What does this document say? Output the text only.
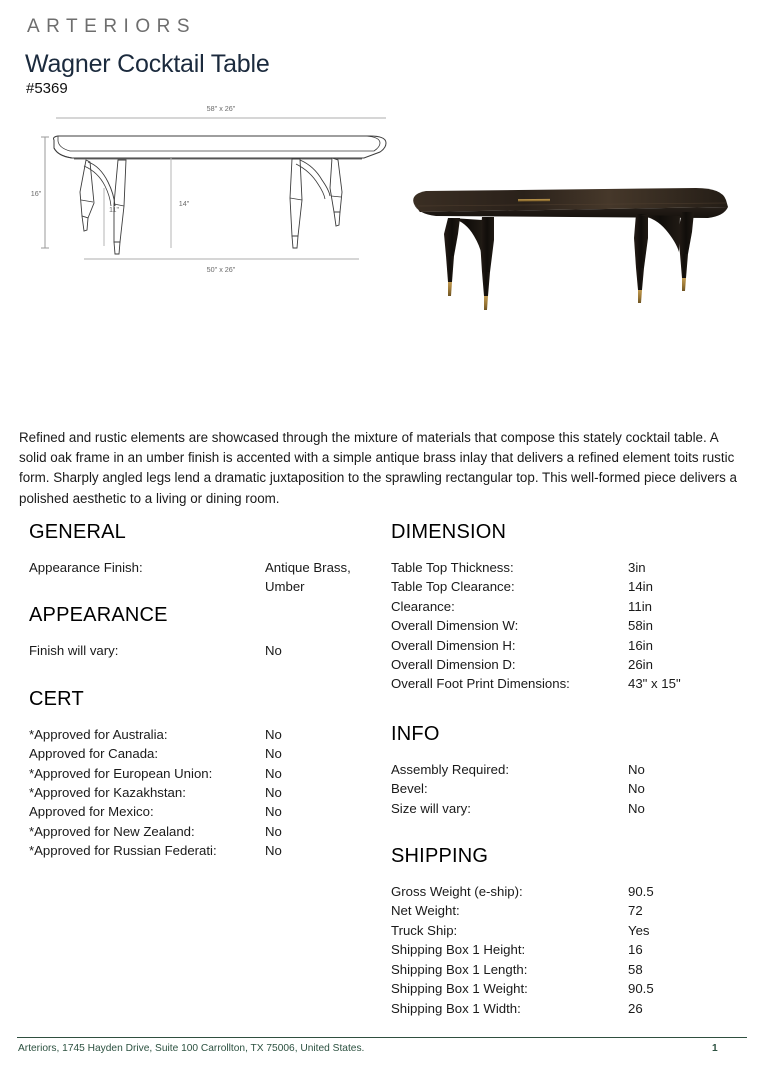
ARTERIORS
Wagner Cocktail Table
#5369
58" x 26"
16"
11"
14"
50" x 26"
Refined and rustic elements are showcased through the mixture of materials that compose this stately cocktail table. A solid oak frame in an umber finish is accented with a simple antique brass inlay that delivers a refined element toits rustic form. Sharply angled legs lend a dramatic juxtaposition to the sprawling rectangular top. This well-formed piece delivers a polished aesthetic to a living or dining room.
GENERAL
Appearance Finish:	Antique Brass, Umber
APPEARANCE
Finish will vary:	No
CERT
*Approved for Australia:	No
Approved for Canada:	No
*Approved for European Union:	No
*Approved for Kazakhstan:	No
Approved for Mexico:	No
*Approved for New Zealand:	No
*Approved for Russian Federati:	No
DIMENSION
Table Top Thickness:	3in
Table Top Clearance:	14in
Clearance:	11in
Overall Dimension W:	58in
Overall Dimension H:	16in
Overall Dimension D:	26in
Overall Foot Print Dimensions:	43" x 15"
INFO
Assembly Required:	No
Bevel:	No
Size will vary:	No
SHIPPING
Gross Weight (e-ship):	90.5
Net Weight:	72
Truck Ship:	Yes
Shipping Box 1 Height:	16
Shipping Box 1 Length:	58
Shipping Box 1 Weight:	90.5
Shipping Box 1 Width:	26
Arteriors, 1745 Hayden Drive, Suite 100 Carrollton, TX 75006, United States.	1
